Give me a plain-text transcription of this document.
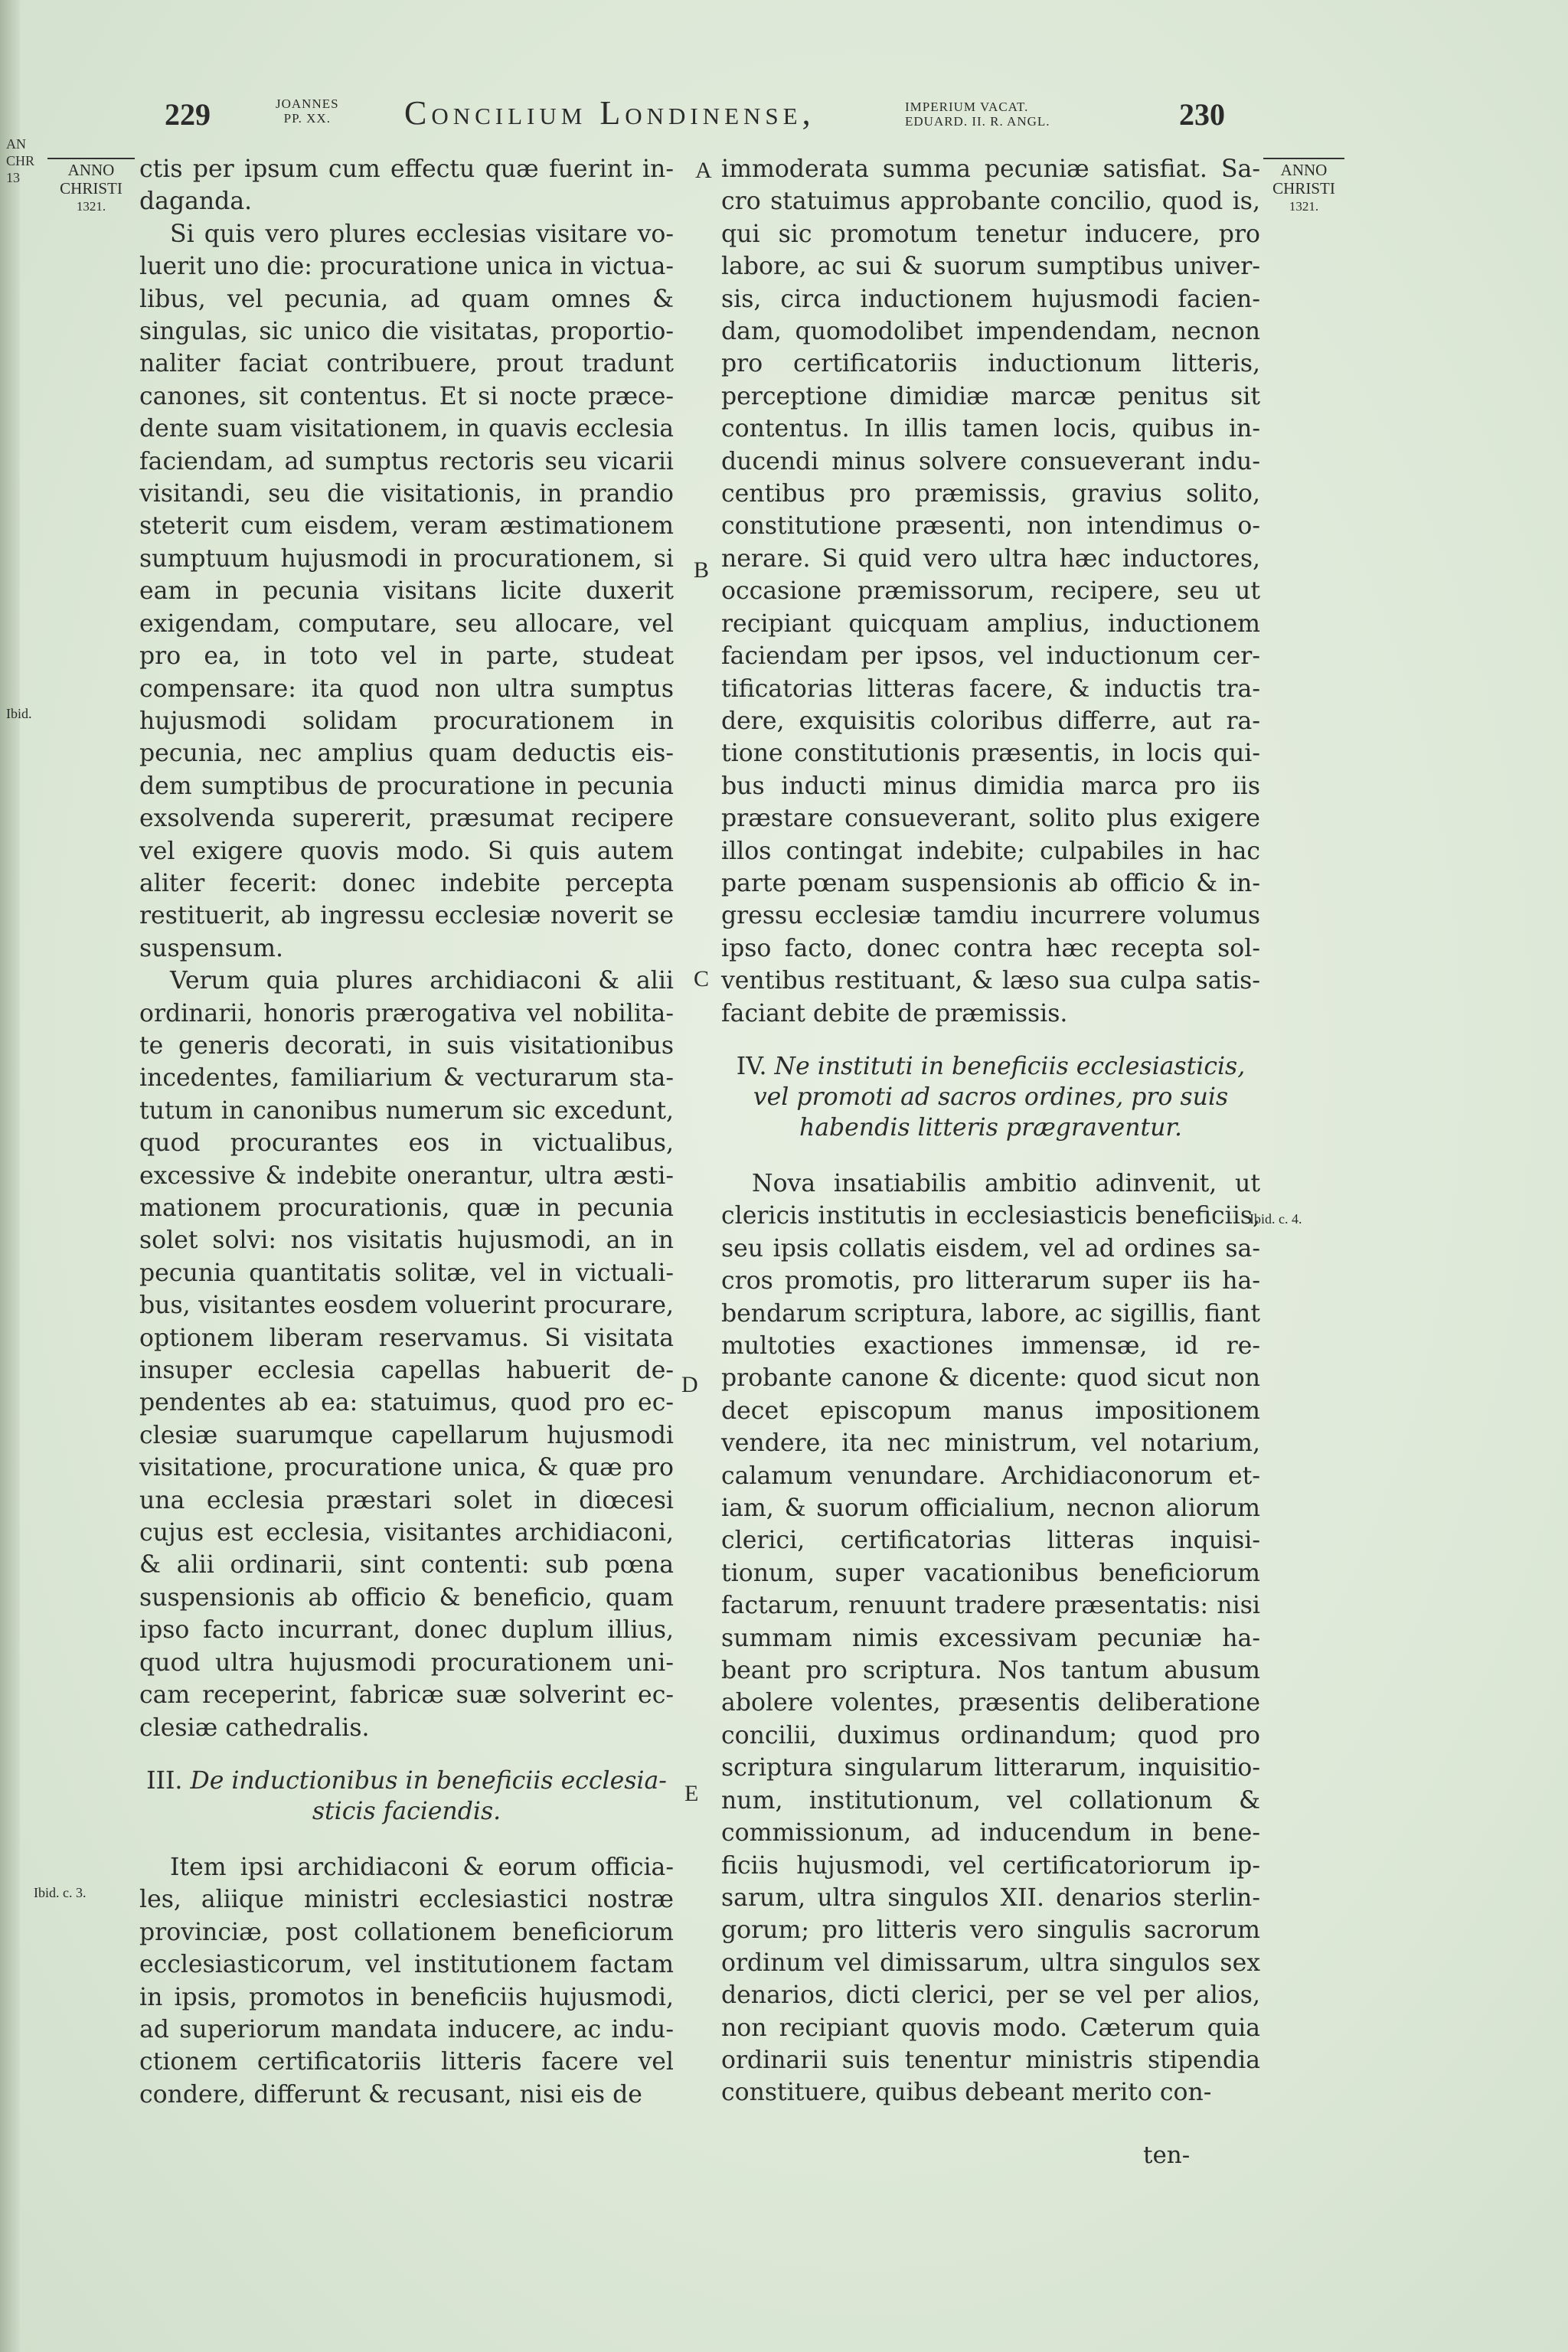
AN
CHR
13
229	JOANNES
PP. XX. Concilium Londinense,	IMPERIUM VACAT.
EDUARD. II. R. ANGL.	230
ANNO
CHRISTI
1321.
ANNO
CHRISTI
1321.
A
B
C
D
E
Ibid.
Ibid. c. 3.
Ibid. c. 4.

ctis per ipsum cum effectu quæ fuerint indaganda.

Si quis vero plures ecclesias visitare voluerit uno die: procuratione unica in victualibus, vel pecunia, ad quam omnes & singulas, sic unico die visitatas, proportionaliter faciat contribuere, prout tradunt canones, sit contentus. Et si nocte præcedente suam visitationem, in quavis ecclesia faciendam, ad sumptus rectoris seu vicarii visitandi, seu die visitationis, in prandio steterit cum eisdem, veram æstimationem sumptuum hujusmodi in procurationem, si eam in pecunia visitans licite duxerit exigendam, computare, seu allocare, vel pro ea, in toto vel in parte, studeat compensare: ita quod non ultra sumptus hujusmodi solidam procurationem in pecunia, nec amplius quam deductis eisdem sumptibus de procuratione in pecunia exsolvenda supererit, præsumat recipere vel exigere quovis modo. Si quis autem aliter fecerit: donec indebite percepta restituerit, ab ingressu ecclesiæ noverit se suspensum.

Verum quia plures archidiaconi & alii ordinarii, honoris prærogativa vel nobilitate generis decorati, in suis visitationibus incedentes, familiarium & vecturarum statutum in canonibus numerum sic excedunt, quod procurantes eos in victualibus, excessive & indebite onerantur, ultra æstimationem procurationis, quæ in pecunia solet solvi: nos visitatis hujusmodi, an in pecunia quantitatis solitæ, vel in victualibus, visitantes eosdem voluerint procurare, optionem liberam reservamus. Si visitata insuper ecclesia capellas habuerit dependentes ab ea: statuimus, quod pro ecclesiæ suarumque capellarum hujusmodi visitatione, procuratione unica, & quæ pro una ecclesia præstari solet in diœcesi cujus est ecclesia, visitantes archidiaconi, & alii ordinarii, sint contenti: sub pœna suspensionis ab officio & beneficio, quam ipso facto incurrant, donec duplum illius, quod ultra hujusmodi procurationem unicam receperint, fabricæ suæ solverint ecclesiæ cathedralis.

III. De inductionibus in beneficiis ecclesiasticis faciendis.

Item ipsi archidiaconi & eorum officiales, aliique ministri ecclesiastici nostræ provinciæ, post collationem beneficiorum ecclesiasticorum, vel institutionem factam in ipsis, promotos in beneficiis hujusmodi, ad superiorum mandata inducere, ac inductionem certificatoriis litteris facere vel condere, differunt & recusant, nisi eis de

immoderata summa pecuniæ satisfiat. Sacro statuimus approbante concilio, quod is, qui sic promotum tenetur inducere, pro labore, ac sui & suorum sumptibus universis, circa inductionem hujusmodi faciendam, quomodolibet impendendam, necnon pro certificatoriis inductionum litteris, perceptione dimidiæ marcæ penitus sit contentus. In illis tamen locis, quibus inducendi minus solvere consueverant inducentibus pro præmissis, gravius solito, constitutione præsenti, non intendimus onerare. Si quid vero ultra hæc inductores, occasione præmissorum, recipere, seu ut recipiant quicquam amplius, inductionem faciendam per ipsos, vel inductionum certificatorias litteras facere, & inductis tradere, exquisitis coloribus differre, aut ratione constitutionis præsentis, in locis quibus inducti minus dimidia marca pro iis præstare consueverant, solito plus exigere illos contingat indebite; culpabiles in hac parte pœnam suspensionis ab officio & ingressu ecclesiæ tamdiu incurrere volumus ipso facto, donec contra hæc recepta solventibus restituant, & læso sua culpa satisfaciant debite de præmissis.

IV. Ne instituti in beneficiis ecclesiasticis, vel promoti ad sacros ordines, pro suis habendis litteris prægraventur.

Nova insatiabilis ambitio adinvenit, ut clericis institutis in ecclesiasticis beneficiis, seu ipsis collatis eisdem, vel ad ordines sacros promotis, pro litterarum super iis habendarum scriptura, labore, ac sigillis, fiant multoties exactiones immensæ, id reprobante canone & dicente: quod sicut non decet episcopum manus impositionem vendere, ita nec ministrum, vel notarium, calamum venundare. Archidiaconorum etiam, & suorum officialium, necnon aliorum clerici, certificatorias litteras inquisitionum, super vacationibus beneficiorum factarum, renuunt tradere præsentatis: nisi summam nimis excessivam pecuniæ habeant pro scriptura. Nos tantum abusum abolere volentes, præsentis deliberatione concilii, duximus ordinandum; quod pro scriptura singularum litterarum, inquisitionum, institutionum, vel collationum & commissionum, ad inducendum in beneficiis hujusmodi, vel certificatoriorum ipsarum, ultra singulos XII. denarios sterlingorum; pro litteris vero singulis sacrorum ordinum vel dimissarum, ultra singulos sex denarios, dicti clerici, per se vel per alios, non recipiant quovis modo. Cæterum quia ordinarii suis tenentur ministris stipendia constituere, quibus debeant merito con-

ten-
